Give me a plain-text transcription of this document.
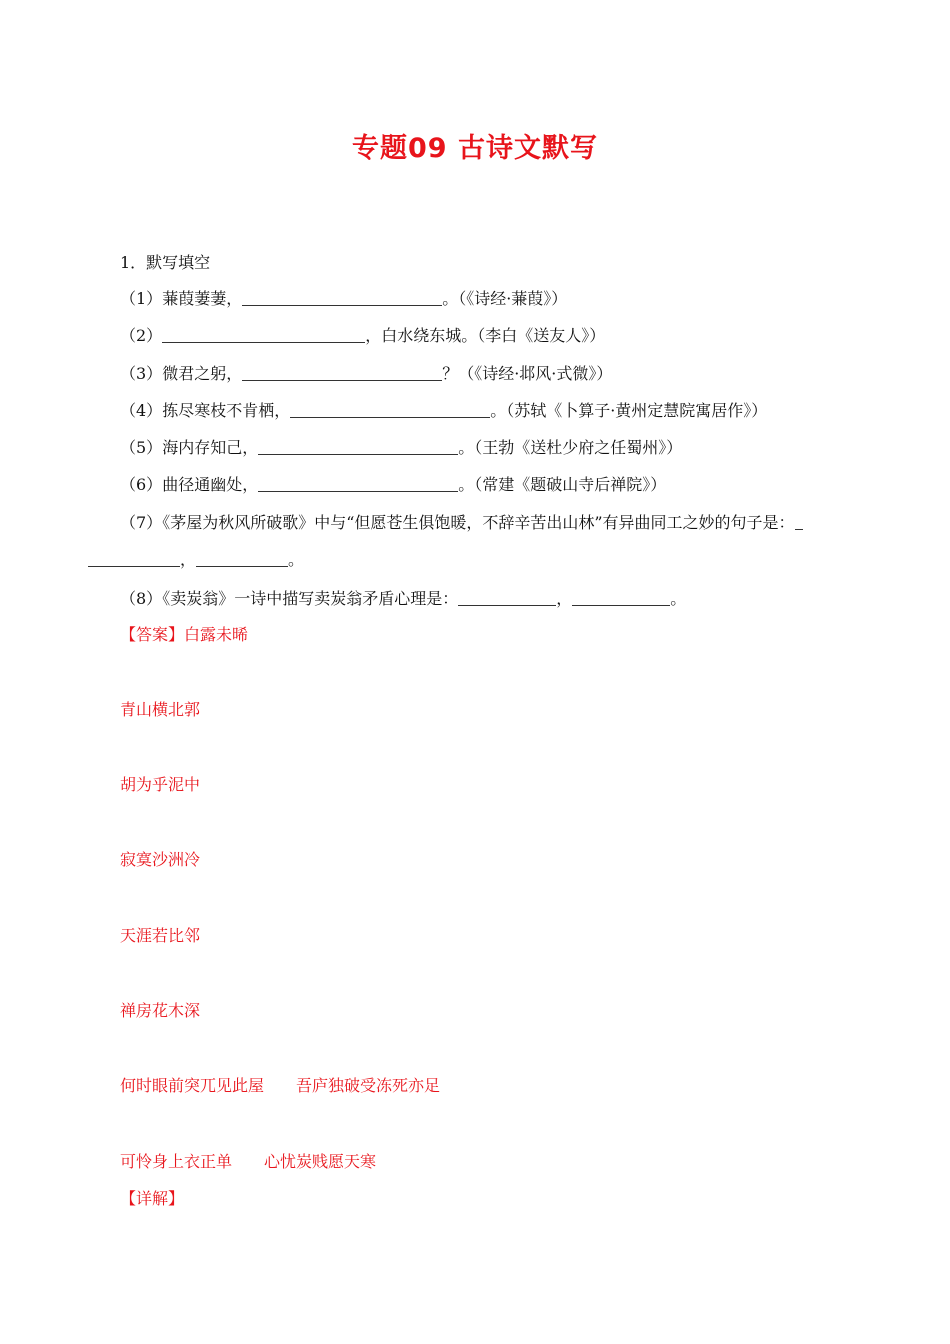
专题09 古诗文默写
1．默写填空
（1）蒹葭萋萋，	。（《诗经·蒹葭》）
（2）	，白水绕东城。（李白《送友人》）
（3）微君之躬，	？（《诗经·邶风·式微》）
（4）拣尽寒枝不肯栖，	。（苏轼《卜算子·黄州定慧院寓居作》）
（5）海内存知己，	。（王勃《送杜少府之任蜀州》）
（6）曲径通幽处，	。（常建《题破山寺后禅院》）
（7）《茅屋为秋风所破歌》中与“但愿苍生俱饱暖，不辞辛苦出山林”有异曲同工之妙的句子是：
，	。
（8）《卖炭翁》一诗中描写卖炭翁矛盾心理是：	，	。
【答案】白露未晞
青山横北郭
胡为乎泥中
寂寞沙洲冷
天涯若比邻
禅房花木深
何时眼前突兀见此屋 吾庐独破受冻死亦足
可怜身上衣正单 心忧炭贱愿天寒
【详解】
